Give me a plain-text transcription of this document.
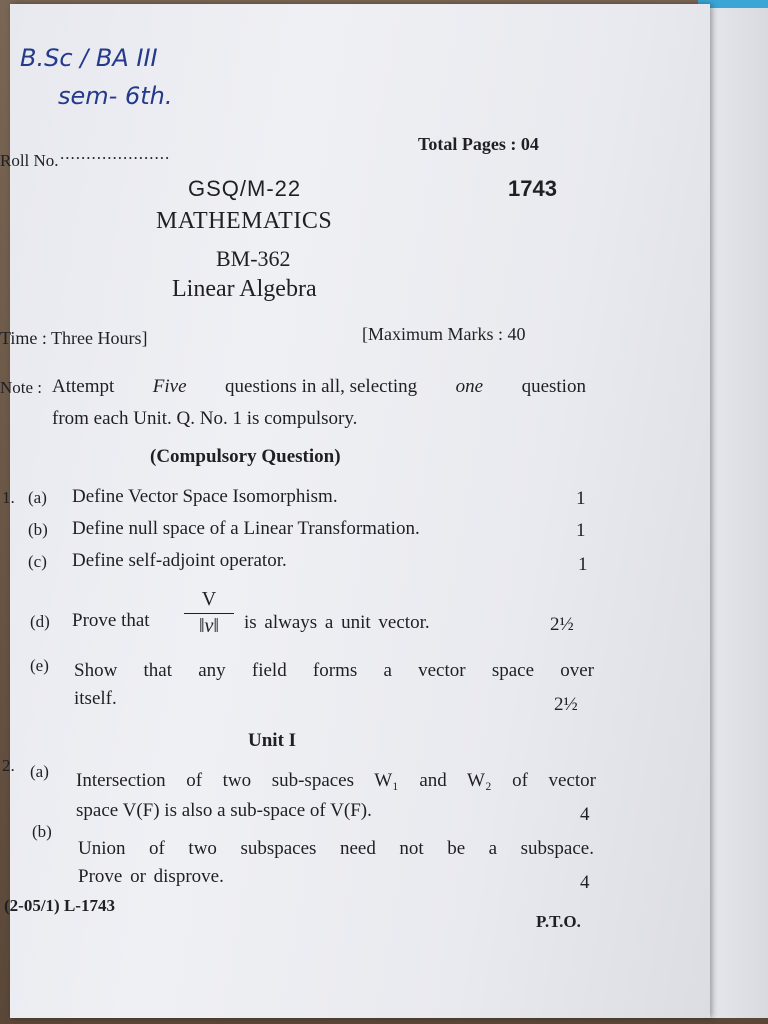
B.Sc / BA III
sem- 6th.
Roll No. .....................	Total Pages : 04
GSQ/M-22	1743
MATHEMATICS
BM-362
Linear Algebra
Time : Three Hours]	[Maximum Marks : 40
Note : Attempt Five questions in all, selecting one question
from each Unit. Q. No. 1 is compulsory.
(Compulsory Question)
1. (a) Define Vector Space Isomorphism.	1
(b) Define null space of a Linear Transformation.	1
(c) Define self-adjoint operator.	1
(d) Prove that $\frac{V}{‖v‖}$ is always a unit vector.	2½
(e) Show that any field forms a vector space over
itself.	2½
Unit I
2. (a) Intersection of two sub-spaces W₁ and W₂ of vector
space V(F) is also a sub-space of V(F).	4
(b)
Union of two subspaces need not be a subspace.
Prove or disprove.	4
(2-05/1) L-1743
P.T.O.
